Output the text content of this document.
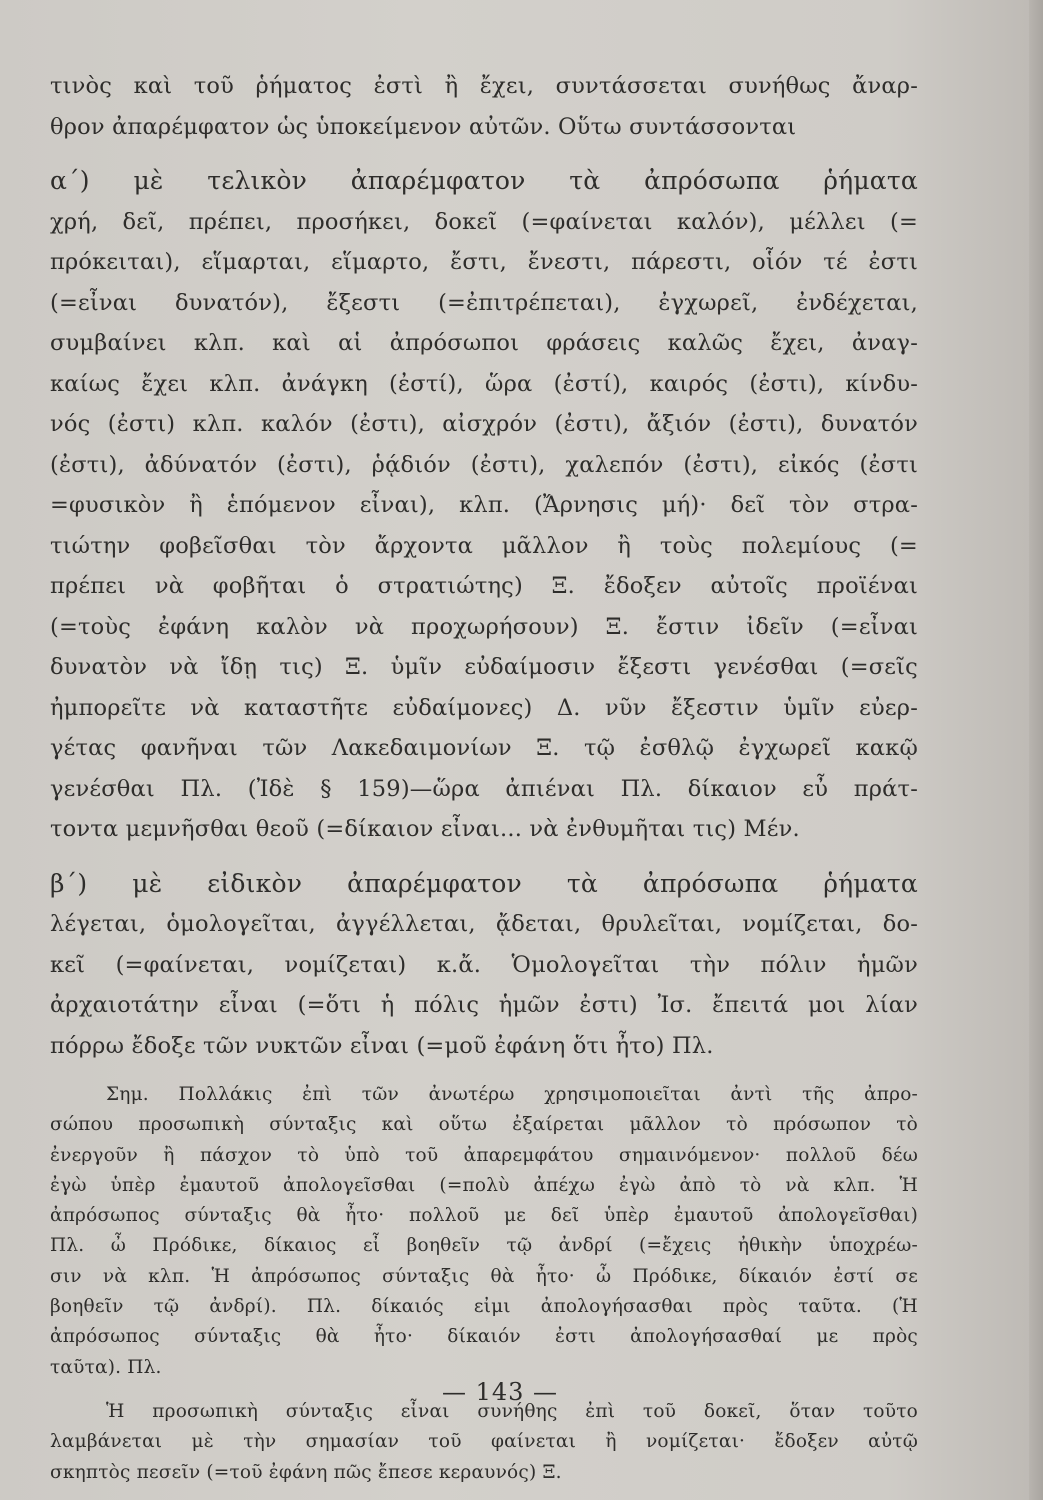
τινὸς καὶ τοῦ ῥήματος ἐστὶ ἢ ἔχει, συντάσσεται συνήθως ἄναρ-
θρον ἀπαρέμφατον ὡς ὑποκείμενον αὐτῶν. Οὕτω συντάσσονται
α΄) μὲ τελικὸν ἀπαρέμφατον τὰ ἀπρόσωπα ῥήματα
χρή, δεῖ, πρέπει, προσήκει, δοκεῖ (=φαίνεται καλόν), μέλλει (=
πρόκειται), εἵμαρται, εἵμαρτο, ἔστι, ἔνεστι, πάρεστι, οἷόν τέ ἐστι
(=εἶναι δυνατόν), ἔξεστι (=ἐπιτρέπεται), ἐγχωρεῖ, ἐνδέχεται,
συμβαίνει κλπ. καὶ αἱ ἀπρόσωποι φράσεις καλῶς ἔχει, ἀναγ-
καίως ἔχει κλπ. ἀνάγκη (ἐστί), ὥρα (ἐστί), καιρός (ἐστι), κίνδυ-
νός (ἐστι) κλπ. καλόν (ἐστι), αἰσχρόν (ἐστι), ἄξιόν (ἐστι), δυνατόν
(ἐστι), ἀδύνατόν (ἐστι), ῥᾴδιόν (ἐστι), χαλεπόν (ἐστι), εἰκός (ἐστι
=φυσικὸν ἢ ἑπόμενον εἶναι), κλπ. (Ἄρνησις μή)· δεῖ τὸν στρα-
τιώτην φοβεῖσθαι τὸν ἄρχοντα μᾶλλον ἢ τοὺς πολεμίους (=
πρέπει νὰ φοβῆται ὁ στρατιώτης) Ξ. ἔδοξεν αὐτοῖς προϊέναι
(=τοὺς ἐφάνη καλὸν νὰ προχωρήσουν) Ξ. ἔστιν ἰδεῖν (=εἶναι
δυνατὸν νὰ ἴδῃ τις) Ξ. ὑμῖν εὐδαίμοσιν ἔξεστι γενέσθαι (=σεῖς
ἠμπορεῖτε νὰ καταστῆτε εὐδαίμονες) Δ. νῦν ἔξεστιν ὑμῖν εὐερ-
γέτας φανῆναι τῶν Λακεδαιμονίων Ξ. τῷ ἐσθλῷ ἐγχωρεῖ κακῷ
γενέσθαι Πλ. (Ἰδὲ § 159)—ὥρα ἀπιέναι Πλ. δίκαιον εὖ πράτ-
τοντα μεμνῆσθαι θεοῦ (=δίκαιον εἶναι... νὰ ἐνθυμῆται τις) Μέν.
β΄) μὲ εἰδικὸν ἀπαρέμφατον τὰ ἀπρόσωπα ῥήματα
λέγεται, ὁμολογεῖται, ἀγγέλλεται, ᾄδεται, θρυλεῖται, νομίζεται, δο-
κεῖ (=φαίνεται, νομίζεται) κ.ἄ. Ὁμολογεῖται τὴν πόλιν ἡμῶν
ἀρχαιοτάτην εἶναι (=ὅτι ἡ πόλις ἡμῶν ἐστι) Ἰσ. ἔπειτά μοι λίαν
πόρρω ἔδοξε τῶν νυκτῶν εἶναι (=μοῦ ἐφάνη ὅτι ἦτο) Πλ.
Σημ. Πολλάκις ἐπὶ τῶν ἀνωτέρω χρησιμοποιεῖται ἀντὶ τῆς ἀπρο-
σώπου προσωπικὴ σύνταξις καὶ οὕτω ἐξαίρεται μᾶλλον τὸ πρόσωπον τὸ
ἐνεργοῦν ἢ πάσχον τὸ ὑπὸ τοῦ ἀπαρεμφάτου σημαινόμενον· πολλοῦ δέω
ἐγὼ ὑπὲρ ἐμαυτοῦ ἀπολογεῖσθαι (=πολὺ ἀπέχω ἐγὼ ἀπὸ τὸ νὰ κλπ. Ἡ
ἀπρόσωπος σύνταξις θὰ ἦτο· πολλοῦ με δεῖ ὑπὲρ ἐμαυτοῦ ἀπολογεῖσθαι)
Πλ. ὦ Πρόδικε, δίκαιος εἶ βοηθεῖν τῷ ἀνδρί (=ἔχεις ἠθικὴν ὑποχρέω-
σιν νὰ κλπ. Ἡ ἀπρόσωπος σύνταξις θὰ ἦτο· ὦ Πρόδικε, δίκαιόν ἐστί σε
βοηθεῖν τῷ ἀνδρί). Πλ. δίκαιός εἰμι ἀπολογήσασθαι πρὸς ταῦτα. (Ἡ
ἀπρόσωπος σύνταξις θὰ ἦτο· δίκαιόν ἐστι ἀπολογήσασθαί με πρὸς
ταῦτα). Πλ.
Ἡ προσωπικὴ σύνταξις εἶναι συνήθης ἐπὶ τοῦ δοκεῖ, ὅταν τοῦτο
λαμβάνεται μὲ τὴν σημασίαν τοῦ φαίνεται ἢ νομίζεται· ἔδοξεν αὐτῷ
σκηπτὸς πεσεῖν (=τοῦ ἐφάνη πῶς ἔπεσε κεραυνός) Ξ.
— 143 —
